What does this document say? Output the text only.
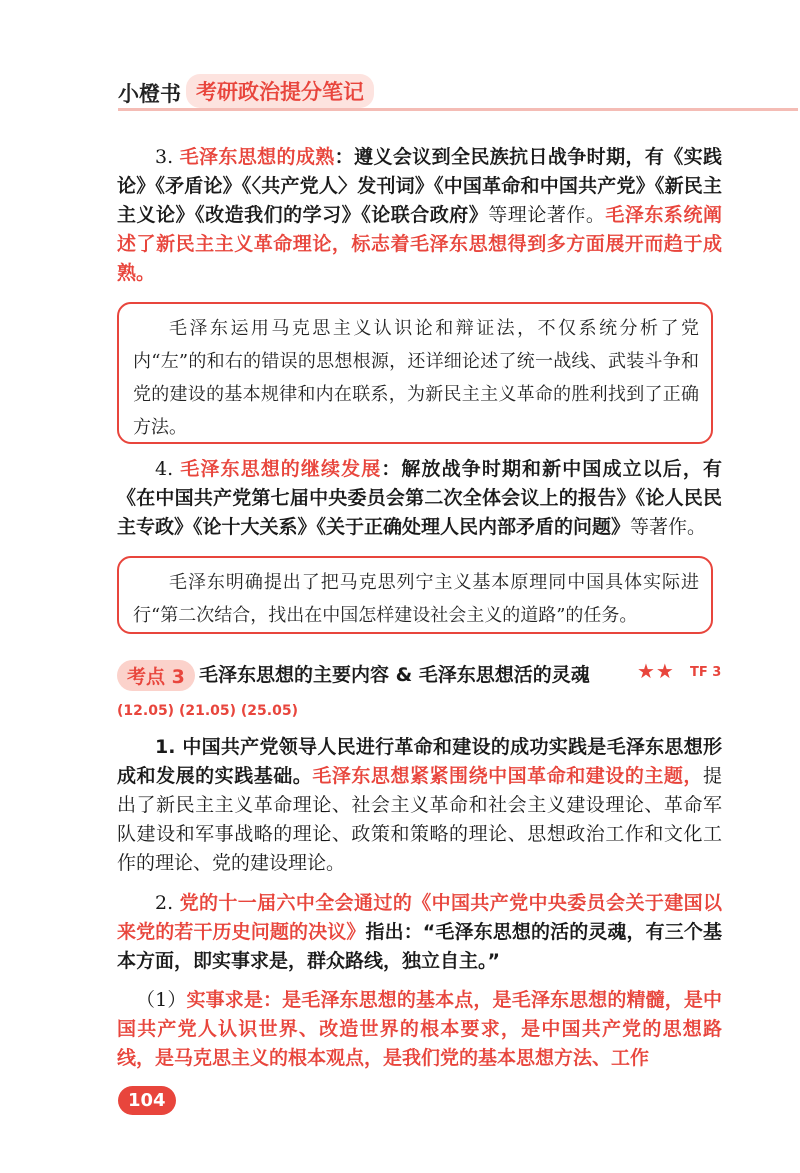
小橙书 考研政治提分笔记

3. 毛泽东思想的成熟：遵义会议到全民族抗日战争时期，有《实践论》《矛盾论》《〈共产党人〉发刊词》《中国革命和中国共产党》《新民主主义论》《改造我们的学习》《论联合政府》等理论著作。毛泽东系统阐述了新民主主义革命理论，标志着毛泽东思想得到多方面展开而趋于成熟。

毛泽东运用马克思主义认识论和辩证法，不仅系统分析了党内“左”的和右的错误的思想根源，还详细论述了统一战线、武装斗争和党的建设的基本规律和内在联系，为新民主主义革命的胜利找到了正确方法。

4. 毛泽东思想的继续发展：解放战争时期和新中国成立以后，有《在中国共产党第七届中央委员会第二次全体会议上的报告》《论人民民主专政》《论十大关系》《关于正确处理人民内部矛盾的问题》等著作。

毛泽东明确提出了把马克思列宁主义基本原理同中国具体实际进行“第二次结合，找出在中国怎样建设社会主义的道路”的任务。

考点 3 毛泽东思想的主要内容 & 毛泽东思想活的灵魂 ★★ TF 3
(12.05) (21.05) (25.05)

1. 中国共产党领导人民进行革命和建设的成功实践是毛泽东思想形成和发展的实践基础。毛泽东思想紧紧围绕中国革命和建设的主题，提出了新民主主义革命理论、社会主义革命和社会主义建设理论、革命军队建设和军事战略的理论、政策和策略的理论、思想政治工作和文化工作的理论、党的建设理论。

2. 党的十一届六中全会通过的《中国共产党中央委员会关于建国以来党的若干历史问题的决议》指出：“毛泽东思想的活的灵魂，有三个基本方面，即实事求是，群众路线，独立自主。”

（1）实事求是：是毛泽东思想的基本点，是毛泽东思想的精髓，是中国共产党人认识世界、改造世界的根本要求，是中国共产党的思想路线，是马克思主义的根本观点，是我们党的基本思想方法、工作

104
